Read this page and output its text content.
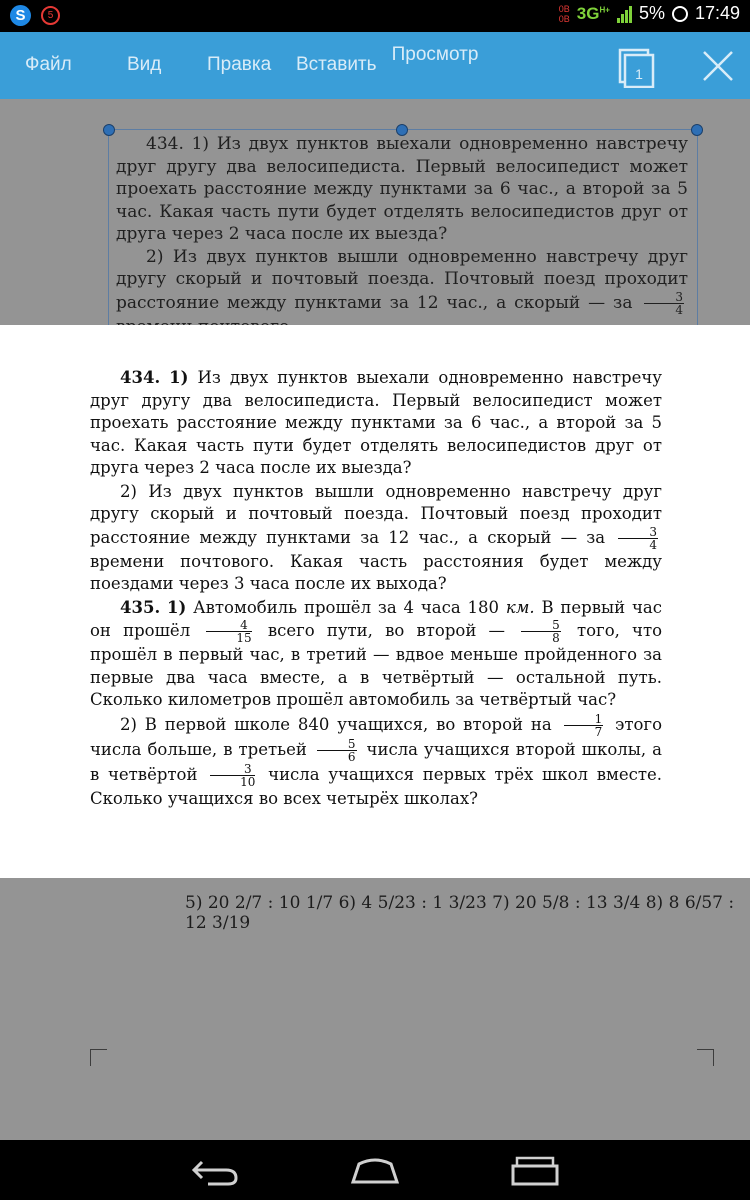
S	5
0B
0B $3G^{H+}$ 5% 17:49
Файл	Вид Правка Вставить Просмотр
1

434. 1) Из двух пунктов выехали одновременно навстречу друг другу два велосипедиста. Первый велосипедист может проехать расстояние между пунктами за 6 час., а второй за 5 час. Какая часть пути будет отделять велосипедистов друг от друга через 2 часа после их выезда?

2) Из двух пунктов вышли одновременно навстречу друг другу скорый и почтовый поезда. Почтовый поезд проходит расстояние между пунктами за 12 час., а скорый — за $\frac{3}{4}$

5) 20 2/7 : 10 1/7 6) 4 5/23 : 1 3/23 7) 20 5/8 : 13 3/4 8) 8 6/57 : 12 3/19

434. 1) Из двух пунктов выехали одновременно навстречу друг другу два велосипедиста. Первый велосипедист может проехать расстояние между пунктами за 6 час., а второй за 5 час. Какая часть пути будет отделять велосипедистов друг от друга через 2 часа после их выезда?

2) Из двух пунктов вышли одновременно навстречу друг другу скорый и почтовый поезда. Почтовый поезд проходит расстояние между пунктами за 12 час., а скорый — за $\frac{3}{4}$
времени почтового. Какая часть расстояния будет между поездами через 3 часа после их выхода?

435. 1) Автомобиль прошёл за 4 часа 180 км. В первый час он прошёл $\frac{4}{15}$ всего пути, во второй — $\frac{5}{8}$ того, что прошёл в первый час, в третий — вдвое меньше пройденного за первые два часа вместе, а в четвёртый — остальной путь. Сколько километров прошёл автомобиль за четвёртый час?

2) В первой школе 840 учащихся, во второй на $\frac{1}{7}$ этого числа больше, в третьей $\frac{5}{6}$ числа учащихся второй школы, а в четвёртой $\frac{3}{10}$ числа учащихся первых трёх школ вместе. Сколько учащихся во всех четырёх школах?
